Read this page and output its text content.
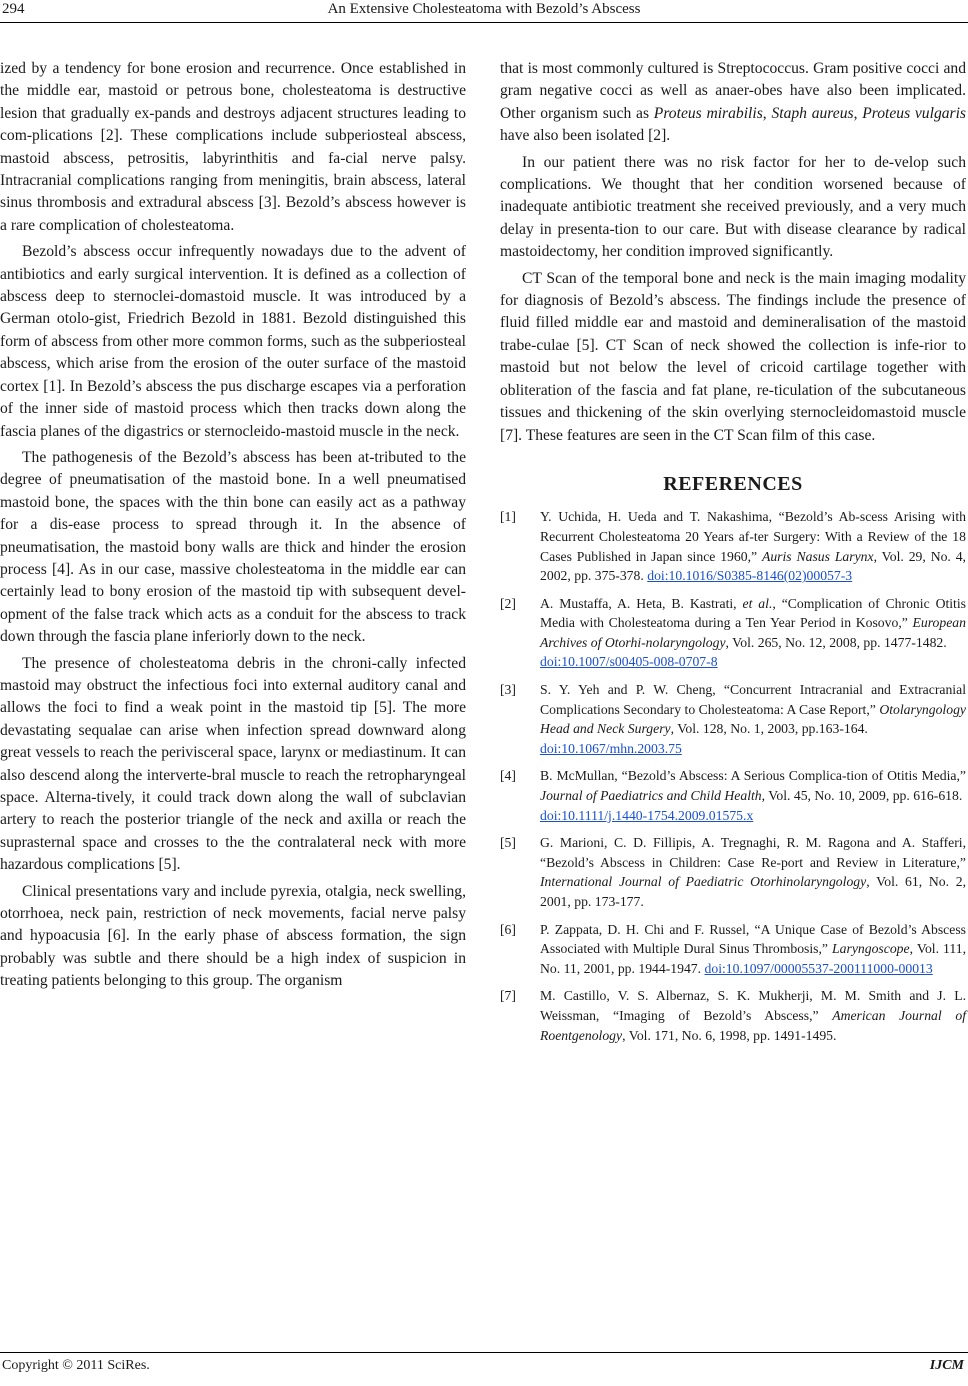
294	An Extensive Cholesteatoma with Bezold’s Abscess

ized by a tendency for bone erosion and recurrence. Once established in the middle ear, mastoid or petrous bone, cholesteatoma is destructive lesion that gradually ex-pands and destroys adjacent structures leading to com-plications [2]. These complications include subperiosteal abscess, mastoid abscess, petrositis, labyrinthitis and fa-cial nerve palsy. Intracranial complications ranging from meningitis, brain abscess, lateral sinus thrombosis and extradural abscess [3]. Bezold’s abscess however is a rare complication of cholesteatoma.

Bezold’s abscess occur infrequently nowadays due to the advent of antibiotics and early surgical intervention. It is defined as a collection of abscess deep to sternoclei-domastoid muscle. It was introduced by a German otolo-gist, Friedrich Bezold in 1881. Bezold distinguished this form of abscess from other more common forms, such as the subperiosteal abscess, which arise from the erosion of the outer surface of the mastoid cortex [1]. In Bezold’s abscess the pus discharge escapes via a perforation of the inner side of mastoid process which then tracks down along the fascia planes of the digastrics or sternocleido-mastoid muscle in the neck.

The pathogenesis of the Bezold’s abscess has been at-tributed to the degree of pneumatisation of the mastoid bone. In a well pneumatised mastoid bone, the spaces with the thin bone can easily act as a pathway for a dis-ease process to spread through it. In the absence of pneumatisation, the mastoid bony walls are thick and hinder the erosion process [4]. As in our case, massive cholesteatoma in the middle ear can certainly lead to bony erosion of the mastoid tip with subsequent devel-opment of the false track which acts as a conduit for the abscess to track down through the fascia plane inferiorly down to the neck.

The presence of cholesteatoma debris in the chroni-cally infected mastoid may obstruct the infectious foci into external auditory canal and allows the foci to find a weak point in the mastoid tip [5]. The more devastating sequalae can arise when infection spread downward along great vessels to reach the perivisceral space, larynx or mediastinum. It can also descend along the interverte-bral muscle to reach the retropharyngeal space. Alterna-tively, it could track down along the wall of subclavian artery to reach the posterior triangle of the neck and axilla or reach the suprasternal space and crosses to the the contralateral neck with more hazardous complications [5].

Clinical presentations vary and include pyrexia, otalgia, neck swelling, otorrhoea, neck pain, restriction of neck movements, facial nerve palsy and hypoacusia [6]. In the early phase of abscess formation, the sign probably was subtle and there should be a high index of suspicion in treating patients belonging to this group. The organism

that is most commonly cultured is Streptococcus. Gram positive cocci and gram negative cocci as well as anaer-obes have also been implicated. Other organism such as Proteus mirabilis, Staph aureus, Proteus vulgaris have also been isolated [2].

In our patient there was no risk factor for her to de-velop such complications. We thought that her condition worsened because of inadequate antibiotic treatment she received previously, and a very much delay in presenta-tion to our care. But with disease clearance by radical mastoidectomy, her condition improved significantly.

CT Scan of the temporal bone and neck is the main imaging modality for diagnosis of Bezold’s abscess. The findings include the presence of fluid filled middle ear and mastoid and demineralisation of the mastoid trabe-culae [5]. CT Scan of neck showed the collection is infe-rior to mastoid but not below the level of cricoid cartilage together with obliteration of the fascia and fat plane, re-ticulation of the subcutaneous tissues and thickening of the skin overlying sternocleidomastoid muscle [7]. These features are seen in the CT Scan film of this case.

REFERENCES
[1]	Y. Uchida, H. Ueda and T. Nakashima, “Bezold’s Ab-scess Arising with Recurrent Cholesteatoma 20 Years af-ter Surgery: With a Review of the 18 Cases Published in Japan since 1960,” Auris Nasus Larynx, Vol. 29, No. 4, 2002, pp. 375-378. doi:10.1016/S0385-8146(02)00057-3
[2]	A. Mustaffa, A. Heta, B. Kastrati, et al., “Complication of Chronic Otitis Media with Cholesteatoma during a Ten Year Period in Kosovo,” European Archives of Otorhi-nolaryngology, Vol. 265, No. 12, 2008, pp. 1477-1482.
doi:10.1007/s00405-008-0707-8
[3]	S. Y. Yeh and P. W. Cheng, “Concurrent Intracranial and Extracranial Complications Secondary to Cholesteatoma: A Case Report,” Otolaryngology Head and Neck Surgery, Vol. 128, No. 1, 2003, pp.163-164.
doi:10.1067/mhn.2003.75
[4]	B. McMullan, “Bezold’s Abscess: A Serious Complica-tion of Otitis Media,” Journal of Paediatrics and Child Health, Vol. 45, No. 10, 2009, pp. 616-618.
doi:10.1111/j.1440-1754.2009.01575.x
[5]	G. Marioni, C. D. Fillipis, A. Tregnaghi, R. M. Ragona and A. Stafferi, “Bezold’s Abscess in Children: Case Re-port and Review in Literature,” International Journal of Paediatric Otorhinolaryngology, Vol. 61, No. 2, 2001, pp. 173-177.
[6]	P. Zappata, D. H. Chi and F. Russel, “A Unique Case of Bezold’s Abscess Associated with Multiple Dural Sinus Thrombosis,” Laryngoscope, Vol. 111, No. 11, 2001, pp. 1944-1947. doi:10.1097/00005537-200111000-00013
[7]	M. Castillo, V. S. Albernaz, S. K. Mukherji, M. M. Smith and J. L. Weissman, “Imaging of Bezold’s Abscess,” American Journal of Roentgenology, Vol. 171, No. 6, 1998, pp. 1491-1495.
Copyright © 2011 SciRes.	IJCM
